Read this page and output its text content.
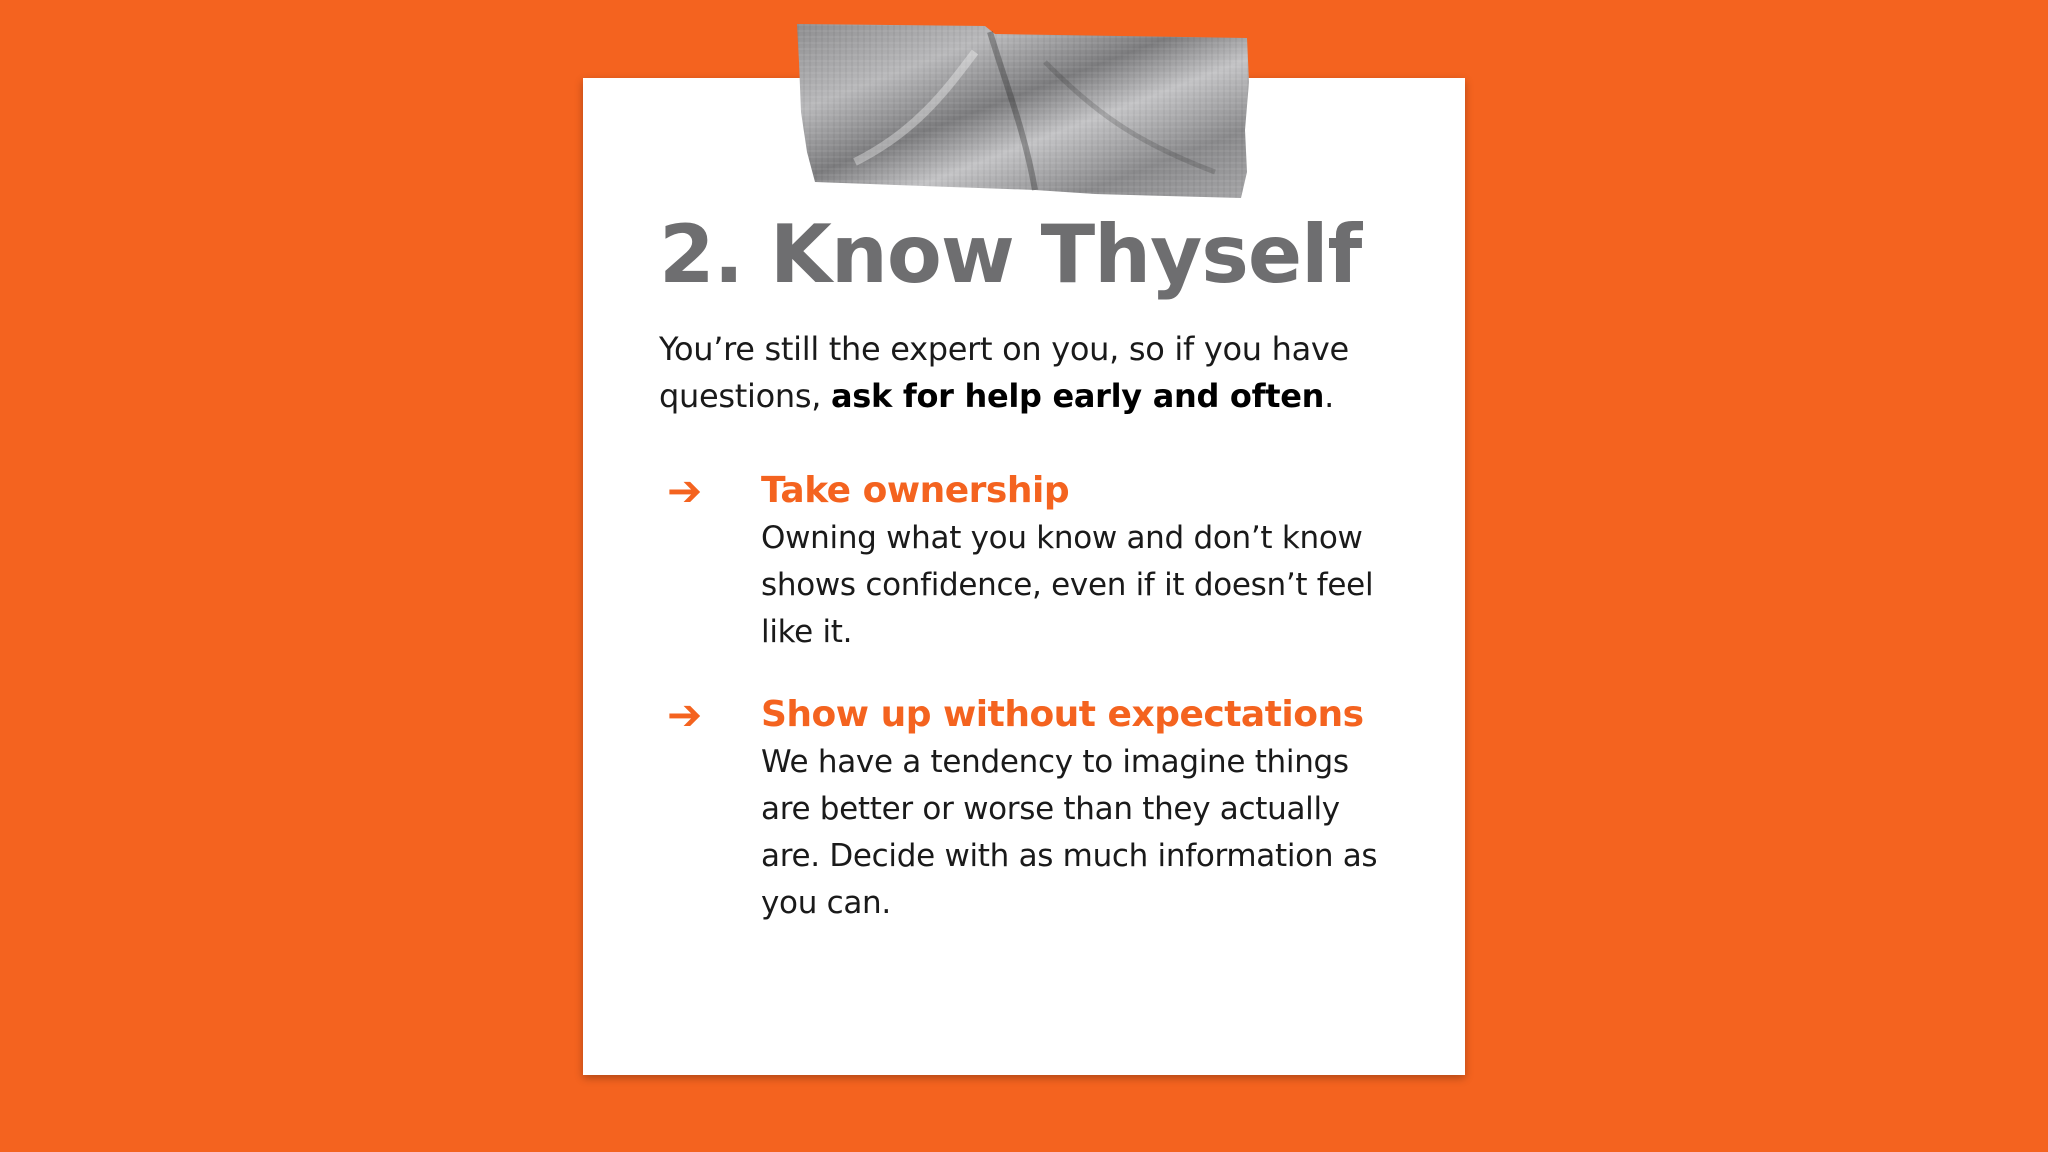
2. Know Thyself

You’re still the expert on you, so if you have questions, ask for help early and often.

➔ Take ownership

Owning what you know and don’t know shows confidence, even if it doesn’t feel like it.

➔ Show up without expectations

We have a tendency to imagine things are better or worse than they actually are. Decide with as much information as you can.
